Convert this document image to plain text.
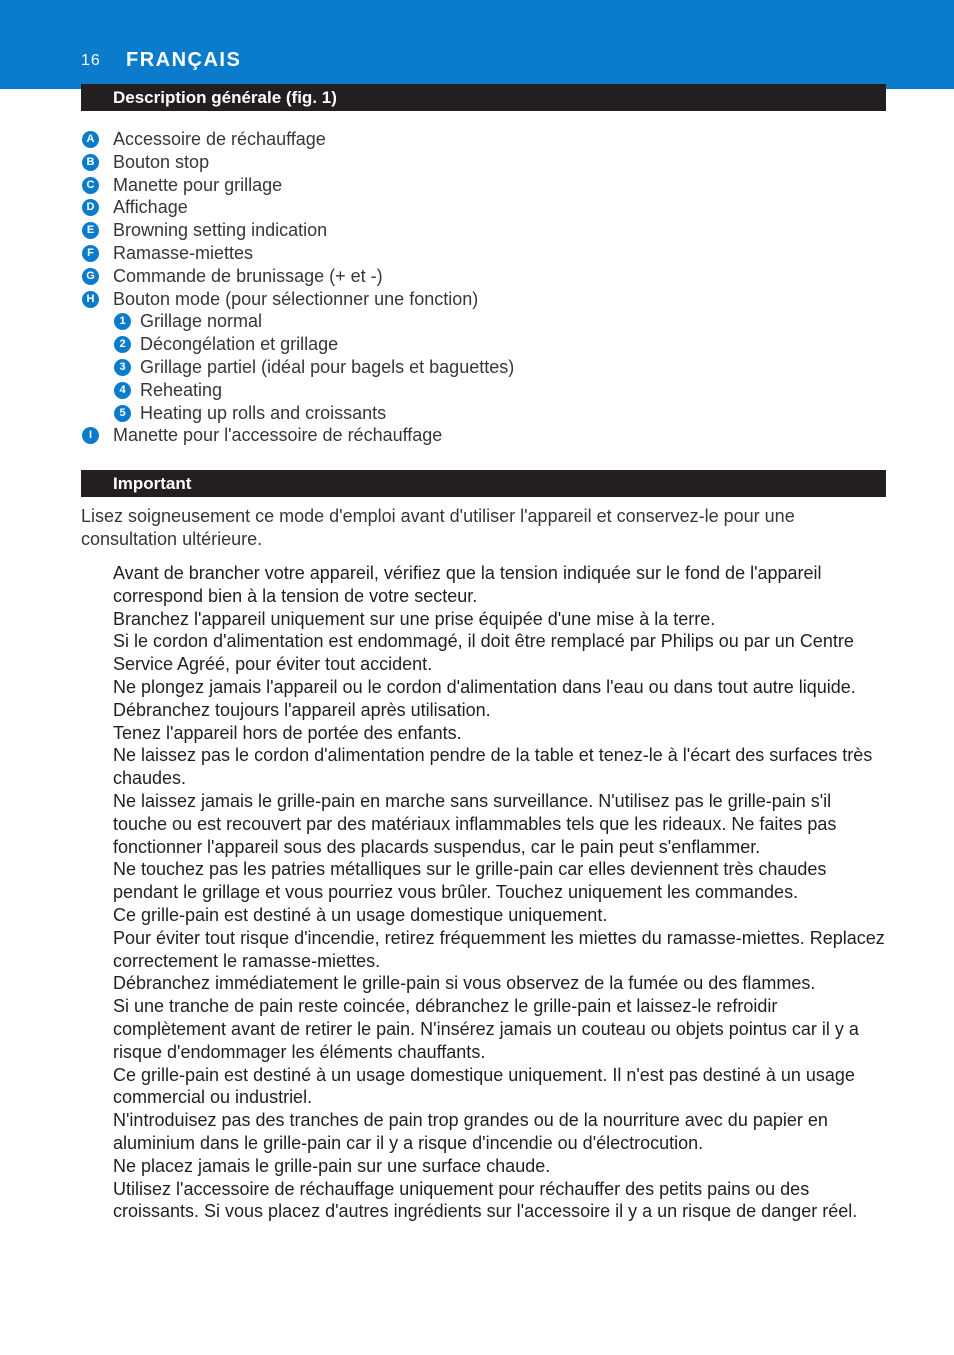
16 FRANÇAIS
Description générale (fig. 1)
A Accessoire de réchauffage
B Bouton stop
C Manette pour grillage
D Affichage
E Browning setting indication
F Ramasse-miettes
G Commande de brunissage (+ et -)
H Bouton mode (pour sélectionner une fonction)
1 Grillage normal
2 Décongélation et grillage
3 Grillage partiel (idéal pour bagels et baguettes)
4 Reheating
5 Heating up rolls and croissants
I	Manette pour l'accessoire de réchauffage
Important

Lisez soigneusement ce mode d'emploi avant d'utiliser l'appareil et conservez-le pour une consultation ultérieure.

Avant de brancher votre appareil, vérifiez que la tension indiquée sur le fond de l'appareil correspond bien à la tension de votre secteur.

Branchez l'appareil uniquement sur une prise équipée d'une mise à la terre.

Si le cordon d'alimentation est endommagé, il doit être remplacé par Philips ou par un Centre Service Agréé, pour éviter tout accident.

Ne plongez jamais l'appareil ou le cordon d'alimentation dans l'eau ou dans tout autre liquide.

Débranchez toujours l'appareil après utilisation.

Tenez l'appareil hors de portée des enfants.

Ne laissez pas le cordon d'alimentation pendre de la table et tenez-le à l'écart des surfaces très chaudes.

Ne laissez jamais le grille-pain en marche sans surveillance. N'utilisez pas le grille-pain s'il touche ou est recouvert par des matériaux inflammables tels que les rideaux. Ne faites pas fonctionner l'appareil sous des placards suspendus, car le pain peut s'enflammer.

Ne touchez pas les patries métalliques sur le grille-pain car elles deviennent très chaudes pendant le grillage et vous pourriez vous brûler. Touchez uniquement les commandes.

Ce grille-pain est destiné à un usage domestique uniquement.

Pour éviter tout risque d'incendie, retirez fréquemment les miettes du ramasse-miettes. Replacez correctement le ramasse-miettes.

Débranchez immédiatement le grille-pain si vous observez de la fumée ou des flammes.

Si une tranche de pain reste coincée, débranchez le grille-pain et laissez-le refroidir complètement avant de retirer le pain. N'insérez jamais un couteau ou objets pointus car il y a risque d'endommager les éléments chauffants.

Ce grille-pain est destiné à un usage domestique uniquement. Il n'est pas destiné à un usage commercial ou industriel.

N'introduisez pas des tranches de pain trop grandes ou de la nourriture avec du papier en aluminium dans le grille-pain car il y a risque d'incendie ou d'électrocution.

Ne placez jamais le grille-pain sur une surface chaude.

Utilisez l'accessoire de réchauffage uniquement pour réchauffer des petits pains ou des croissants. Si vous placez d'autres ingrédients sur l'accessoire il y a un risque de danger réel.
